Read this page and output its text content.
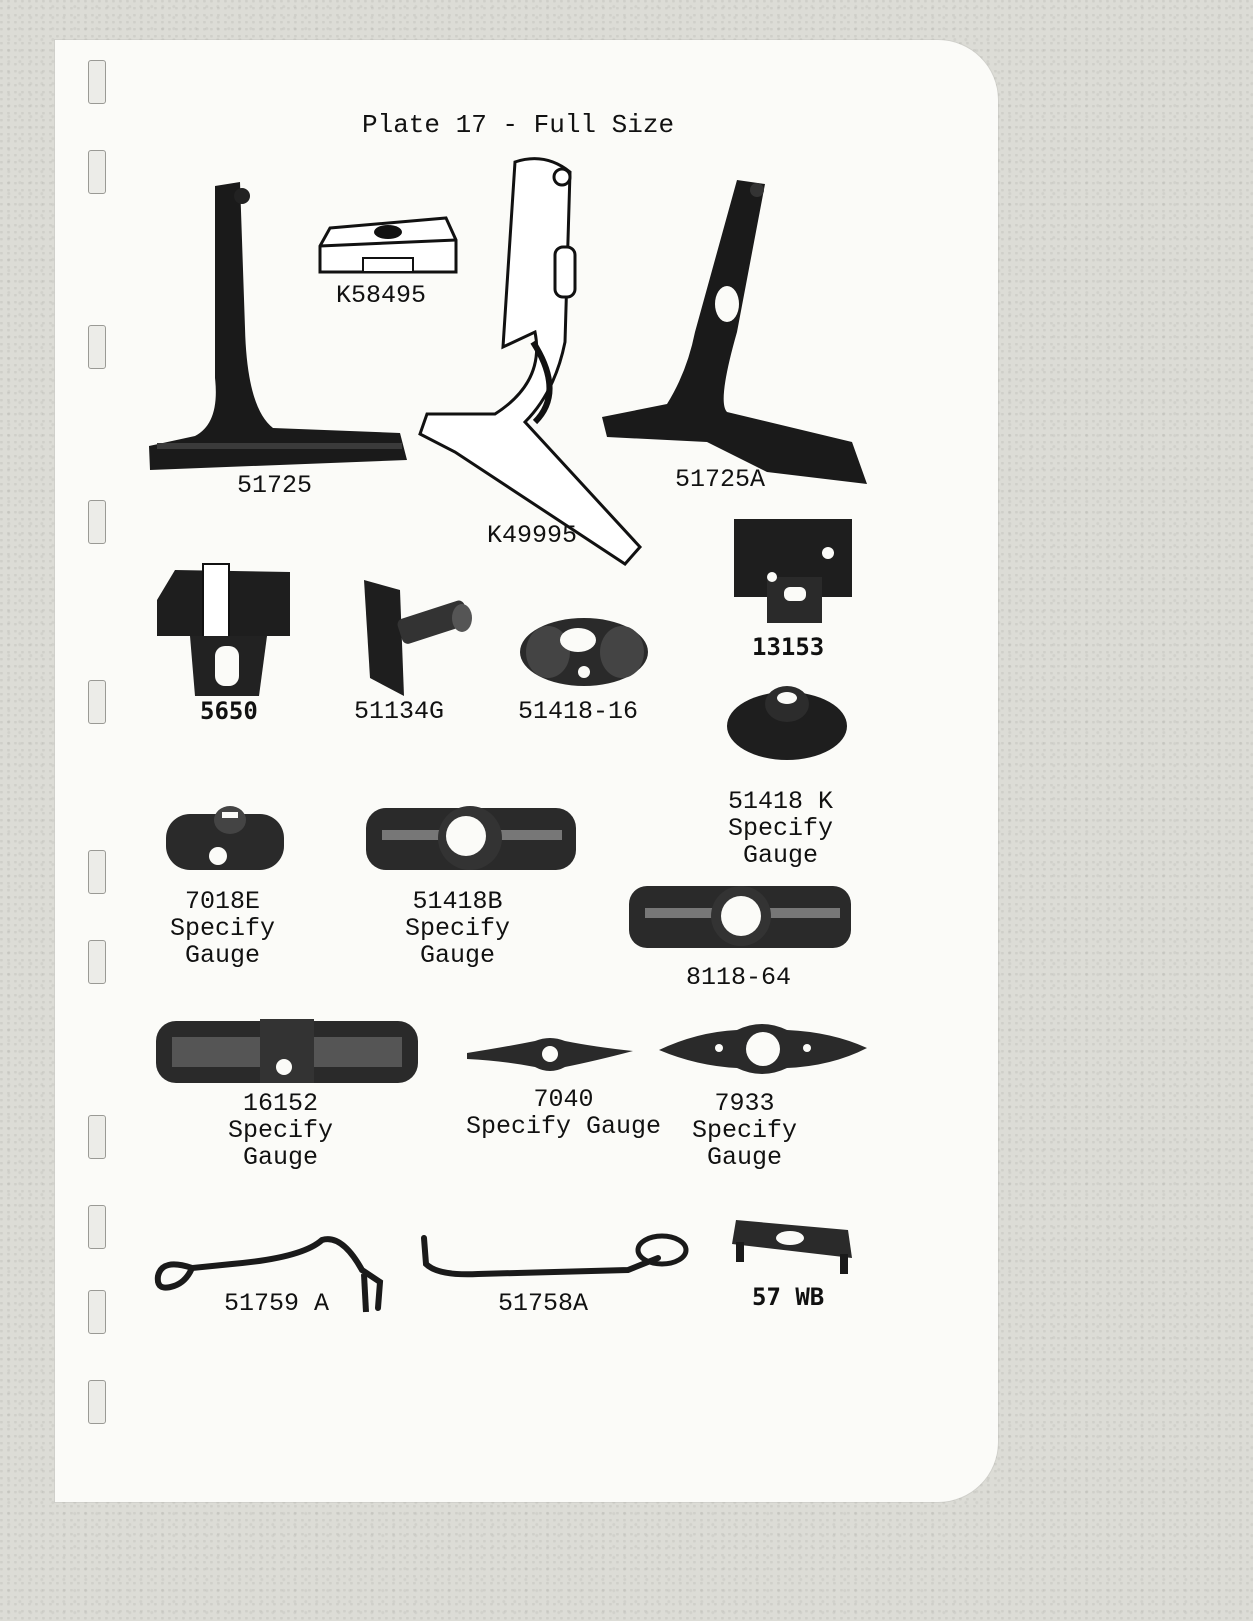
Plate 17 - Full Size
51725
K58495
K49995
51725A
5650	51134G	51418-16
13153
51418 K
Specify
Gauge
7018E
Specify
Gauge
51418B
Specify
Gauge
8118-64
16152
Specify
Gauge
7040
Specify Gauge
7933
Specify
Gauge
51759 A	51758A	57 WB
